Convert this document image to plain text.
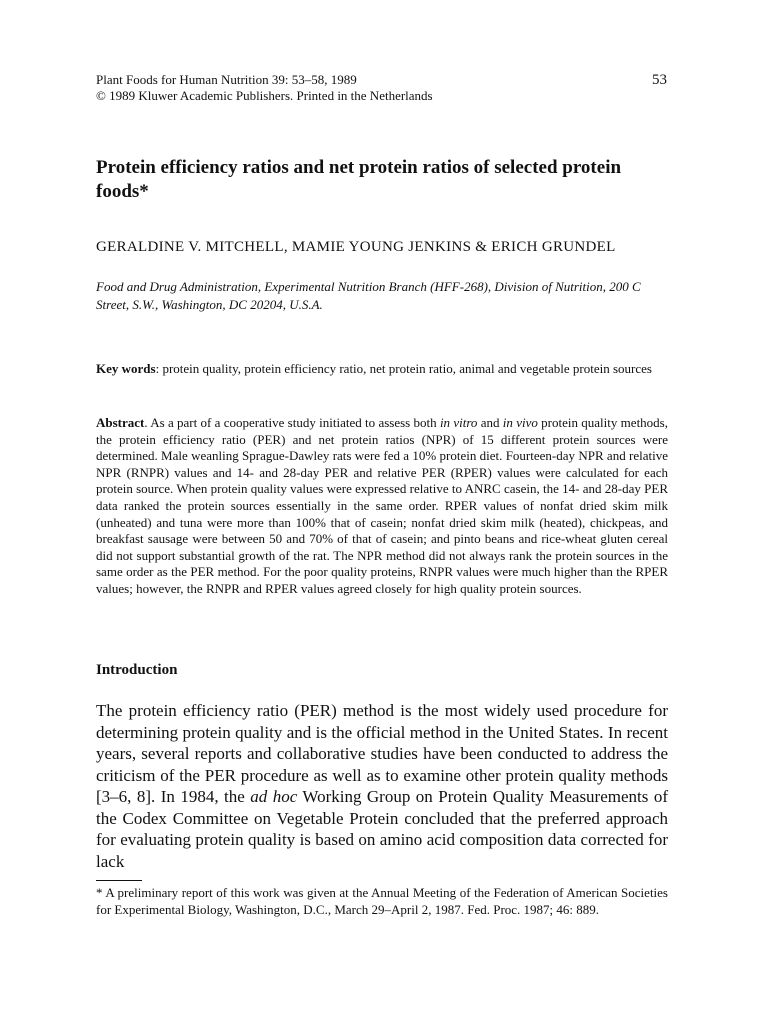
Plant Foods for Human Nutrition 39: 53–58, 1989
© 1989 Kluwer Academic Publishers. Printed in the Netherlands
53
Protein efficiency ratios and net protein ratios of selected protein foods*
GERALDINE V. MITCHELL, MAMIE YOUNG JENKINS & ERICH GRUNDEL
Food and Drug Administration, Experimental Nutrition Branch (HFF-268), Division of Nutrition, 200 C Street, S.W., Washington, DC 20204, U.S.A.

Key words: protein quality, protein efficiency ratio, net protein ratio, animal and vegetable protein sources

Abstract. As a part of a cooperative study initiated to assess both in vitro and in vivo protein quality methods, the protein efficiency ratio (PER) and net protein ratios (NPR) of 15 different protein sources were determined. Male weanling Sprague-Dawley rats were fed a 10% protein diet. Fourteen-day NPR and relative NPR (RNPR) values and 14- and 28-day PER and relative PER (RPER) values were calculated for each protein source. When protein quality values were expressed relative to ANRC casein, the 14- and 28-day PER data ranked the protein sources essentially in the same order. RPER values of nonfat dried skim milk (unheated) and tuna were more than 100% that of casein; nonfat dried skim milk (heated), chickpeas, and breakfast sausage were between 50 and 70% of that of casein; and pinto beans and rice-wheat gluten cereal did not support substantial growth of the rat. The NPR method did not always rank the protein sources in the same order as the PER method. For the poor quality proteins, RNPR values were much higher than the RPER values; however, the RNPR and RPER values agreed closely for high quality protein sources.

Introduction

The protein efficiency ratio (PER) method is the most widely used procedure for determining protein quality and is the official method in the United States. In recent years, several reports and collaborative studies have been conducted to address the criticism of the PER procedure as well as to examine other protein quality methods [3–6, 8]. In 1984, the ad hoc Working Group on Protein Quality Measurements of the Codex Committee on Vegetable Protein concluded that the preferred approach for evaluating protein quality is based on amino acid composition data corrected for lack

* A preliminary report of this work was given at the Annual Meeting of the Federation of American Societies for Experimental Biology, Washington, D.C., March 29–April 2, 1987. Fed. Proc. 1987; 46: 889.
